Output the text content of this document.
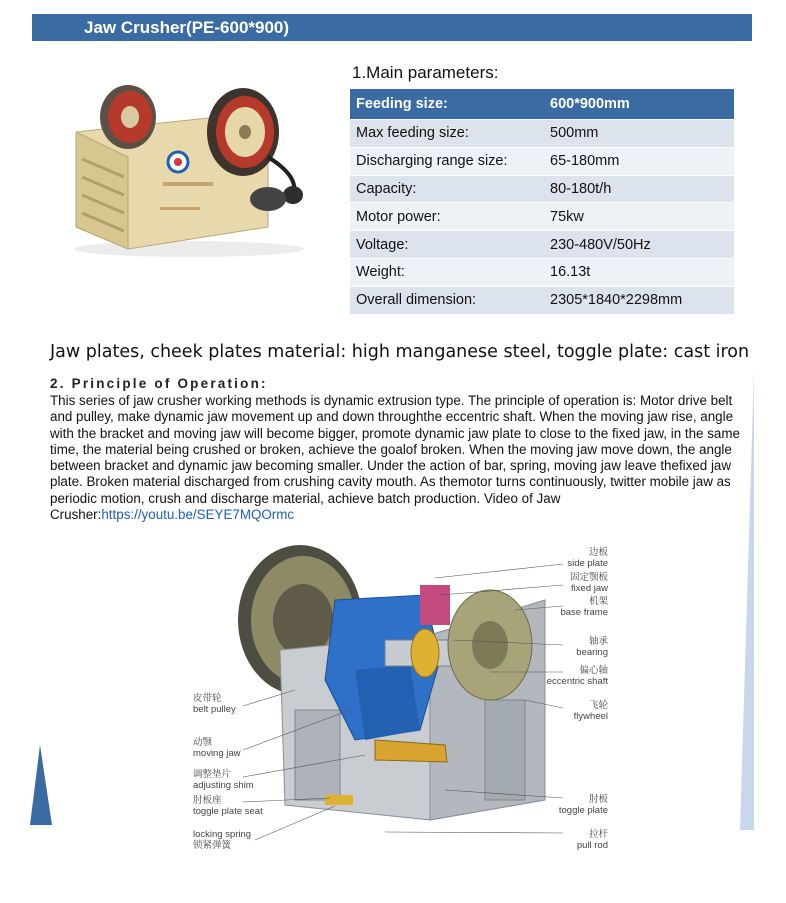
Jaw Crusher(PE-600*900)
1.Main parameters:
Feeding size:	600*900mm
Max feeding size:	500mm
Discharging range size:	65-180mm
Capacity:	80-180t/h
Motor power:	75kw
Voltage:	230-480V/50Hz
Weight:	16.13t
Overall dimension:	2305*1840*2298mm
Jaw plates, cheek plates material: high manganese steel, toggle plate: cast iron
2. Principle of Operation:
This series of jaw crusher working methods is dynamic extrusion type. The principle of operation is: Motor drive belt and pulley, make dynamic jaw movement up and down throughthe eccentric shaft. When the moving jaw rise, angle with the bracket and moving jaw will become bigger, promote dynamic jaw plate to close to the fixed jaw, in the same time, the material being crushed or broken, achieve the goalof broken. When the moving jaw move down, the angle between bracket and dynamic jaw becoming smaller. Under the action of bar, spring, moving jaw leave thefixed jaw plate. Broken material discharged from crushing cavity mouth. As themotor turns continuously, twitter mobile jaw as periodic motion, crush and discharge material, achieve batch production. Video of Jaw Crusher:https://youtu.be/SEYE7MQOrmc
边板
side plate
固定颚板
fixed jaw
机架
base frame
轴承
bearing
偏心轴
eccentric shaft
飞轮
flywheel
皮带轮
belt pulley
动颚
moving jaw
调整垫片
adjusting shim
肘板座
toggle plate seat
locking spring
锁紧弹簧
肘板
toggle plate
拉杆
pull rod
